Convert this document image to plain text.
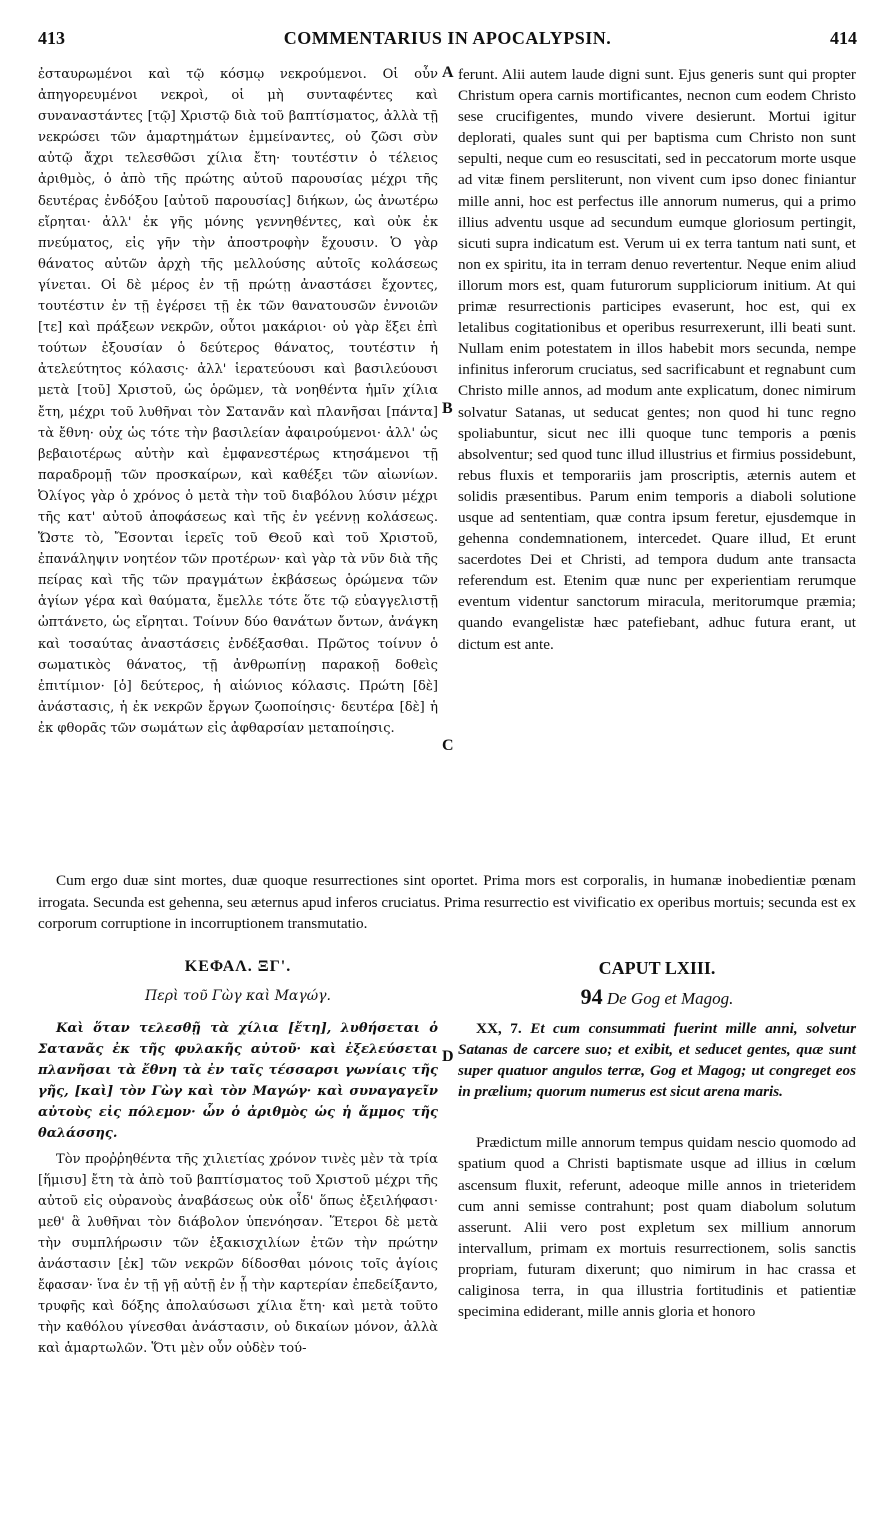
413	COMMENTARIUS IN APOCALYPSIN.	414

ἐσταυρωμένοι καὶ τῷ κόσμῳ νεκρούμενοι. Οἱ οὖν ἀπηγορευμένοι νεκροὶ, οἱ μὴ συνταφέντες καὶ συναναστάντες [τῷ] Χριστῷ διὰ τοῦ βαπτίσματος, ἀλλὰ τῇ νεκρώσει τῶν ἁμαρτημάτων ἐμμείναντες, οὐ ζῶσι σὺν αὐτῷ ἄχρι τελεσθῶσι χίλια ἔτη· τουτέστιν ὁ τέλειος ἀριθμὸς, ὁ ἀπὸ τῆς πρώτης αὐτοῦ παρουσίας μέχρι τῆς δευτέρας ἐνδόξου [αὐτοῦ παρουσίας] διήκων, ὡς ἀνωτέρω εἴρηται· ἀλλ' ἐκ γῆς μόνης γεννηθέντες, καὶ οὐκ ἐκ πνεύματος, εἰς γῆν τὴν ἀποστροφὴν ἔχουσιν. Ὁ γὰρ θάνατος αὐτῶν ἀρχὴ τῆς μελλούσης αὐτοῖς κολάσεως γίνεται. Οἱ δὲ μέρος ἐν τῇ πρώτῃ ἀναστάσει ἔχοντες, τουτέστιν ἐν τῇ ἐγέρσει τῇ ἐκ τῶν θανατουσῶν ἐννοιῶν [τε] καὶ πράξεων νεκρῶν, οὗτοι μακάριοι· οὐ γὰρ ἕξει ἐπὶ τούτων ἐξουσίαν ὁ δεύτερος θάνατος, τουτέστιν ἡ ἀτελεύτητος κόλασις· ἀλλ' ἱερατεύουσι καὶ βασιλεύουσι μετὰ [τοῦ] Χριστοῦ, ὡς ὁρῶμεν, τὰ νοηθέντα ἡμῖν χίλια ἔτη, μέχρι τοῦ λυθῆναι τὸν Σατανᾶν καὶ πλανῆσαι [πάντα] τὰ ἔθνη· οὐχ ὡς τότε τὴν βασιλείαν ἀφαιρούμενοι· ἀλλ' ὡς βεβαιοτέρως αὐτὴν καὶ ἐμφανεστέρως κτησάμενοι τῇ παραδρομῇ τῶν προσκαίρων, καὶ καθέξει τῶν αἰωνίων. Ὀλίγος γὰρ ὁ χρόνος ὁ μετὰ τὴν τοῦ διαβόλου λύσιν μέχρι τῆς κατ' αὐτοῦ ἀποφάσεως καὶ τῆς ἐν γεέννῃ κολάσεως. Ὥστε τὸ, Ἔσονται ἱερεῖς τοῦ Θεοῦ καὶ τοῦ Χριστοῦ, ἐπανάληψιν νοητέον τῶν προτέρων· καὶ γὰρ τὰ νῦν διὰ τῆς πείρας καὶ τῆς τῶν πραγμάτων ἐκβάσεως ὁρώμενα τῶν ἁγίων γέρα καὶ θαύματα, ἔμελλε τότε ὅτε τῷ εὐαγγελιστῇ ὠπτάνετο, ὡς εἴρηται. Τοίνυν δύο θανάτων ὄντων, ἀνάγκη καὶ τοσαύτας ἀναστάσεις ἐνδέξασθαι. Πρῶτος τοίνυν ὁ σωματικὸς θάνατος, τῇ ἀνθρωπίνῃ παρακοῇ δοθεὶς ἐπιτίμιον· [ὁ] δεύτερος, ἡ αἰώνιος κόλασις. Πρώτη [δὲ] ἀνάστασις, ἡ ἐκ νεκρῶν ἔργων ζωοποίησις· δευτέρα [δὲ] ἡ ἐκ φθορᾶς τῶν σωμάτων εἰς ἀφθαρσίαν μεταποίησις.

A
B
C
D

ferunt. Alii autem laude digni sunt. Ejus generis sunt qui propter Christum opera carnis mortificantes, necnon cum eodem Christo sese crucifigentes, mundo vivere desierunt. Mortui igitur deplorati, quales sunt qui per baptisma cum Christo non sunt sepulti, neque cum eo resuscitati, sed in peccatorum morte usque ad vitæ finem persliterunt, non vivent cum ipso donec finiantur mille anni, hoc est perfectus ille annorum numerus, qui a primo illius adventu usque ad secundum eumque gloriosum pertingit, sicuti supra indicatum est. Verum ui ex terra tantum nati sunt, et non ex spiritu, ita in terram denuo revertentur. Neque enim aliud illorum mors est, quam futurorum suppliciorum initium. At qui primæ resurrectionis participes evaserunt, hoc est, qui ex letalibus cogitationibus et operibus resurrexerunt, illi beati sunt. Nullam enim potestatem in illos habebit mors secunda, nempe infinitus inferorum cruciatus, sed sacrificabunt et regnabunt cum Christo mille annos, ad modum ante explicatum, donec nimirum solvatur Satanas, ut seducat gentes; non quod hi tunc regno spoliabuntur, sicut nec illi quoque tunc temporis a pœnis absolventur; sed quod tunc illud illustrius et firmius possidebunt, rebus fluxis et temporariis jam proscriptis, æternis autem et solidis præsentibus. Parum enim temporis a diaboli solutione usque ad sententiam, quæ contra ipsum feretur, ejusdemque in gehenna condemnationem, intercedet. Quare illud, Et erunt sacerdotes Dei et Christi, ad tempora dudum ante transacta referendum est. Etenim quæ nunc per experientiam rerumque eventum videntur sanctorum miracula, meritorumque præmia; quando evangelistæ hæc patefiebant, adhuc futura erant, ut dictum est ante.

Cum ergo duæ sint mortes, duæ quoque resurrectiones sint oportet. Prima mors est corporalis, in humanæ inobedientiæ pœnam irrogata. Secunda est gehenna, seu æternus apud inferos cruciatus. Prima resurrectio est vivificatio ex operibus mortuis; secunda est ex corporum corruptione in incorruptionem transmutatio.

ΚΕΦΑΛ. ΞΓ'.
Περὶ τοῦ Γὼγ καὶ Μαγώγ.
CAPUT LXIII.
94 De Gog et Magog.

Καὶ ὅταν τελεσθῇ τὰ χίλια [ἔτη], λυθήσεται ὁ Σατανᾶς ἐκ τῆς φυλακῆς αὐτοῦ· καὶ ἐξελεύσεται πλανῆσαι τὰ ἔθνη τὰ ἐν ταῖς τέσσαρσι γωνίαις τῆς γῆς, [καὶ] τὸν Γὼγ καὶ τὸν Μαγώγ· καὶ συναγαγεῖν αὐτοὺς εἰς πόλεμον· ὧν ὁ ἀριθμὸς ὡς ἡ ἄμμος τῆς θαλάσσης.

Τὸν προῤῥηθέντα τῆς χιλιετίας χρόνον τινὲς μὲν τὰ τρία [ἥμισυ] ἔτη τὰ ἀπὸ τοῦ βαπτίσματος τοῦ Χριστοῦ μέχρι τῆς αὐτοῦ εἰς οὐρανοὺς ἀναβάσεως οὐκ οἶδ' ὅπως ἐξειλήφασι· μεθ' ἃ λυθῆναι τὸν διάβολον ὑπενόησαν. Ἕτεροι δὲ μετὰ τὴν συμπλήρωσιν τῶν ἑξακισχιλίων ἐτῶν τὴν πρώτην ἀνάστασιν [ἐκ] τῶν νεκρῶν δίδοσθαι μόνοις τοῖς ἁγίοις ἔφασαν· ἵνα ἐν τῇ γῇ αὐτῇ ἐν ᾗ τὴν καρτερίαν ἐπεδείξαντο, τρυφῆς καὶ δόξης ἀπολαύσωσι χίλια ἔτη· καὶ μετὰ τοῦτο τὴν καθόλου γίνεσθαι ἀνάστασιν, οὐ δικαίων μόνον, ἀλλὰ καὶ ἁμαρτωλῶν. Ὅτι μὲν οὖν οὐδὲν τού-

XX, 7. Et cum consummati fuerint mille anni, solvetur Satanas de carcere suo; et exibit, et seducet gentes, quæ sunt super quatuor angulos terræ, Gog et Magog; ut congreget eos in prælium; quorum numerus est sicut arena maris.

Prædictum mille annorum tempus quidam nescio quomodo ad spatium quod a Christi baptismate usque ad illius in cœlum ascensum fluxit, referunt, adeoque mille annos in trieteridem cum anni semisse contrahunt; post quam diabolum solutum asserunt. Alii vero post expletum sex millium annorum intervallum, primam ex mortuis resurrectionem, solis sanctis propriam, futuram dixerunt; quo nimirum in hac crassa et caliginosa terra, in qua illustria fortitudinis et patientiæ specimina ediderant, mille annis gloria et honoro
